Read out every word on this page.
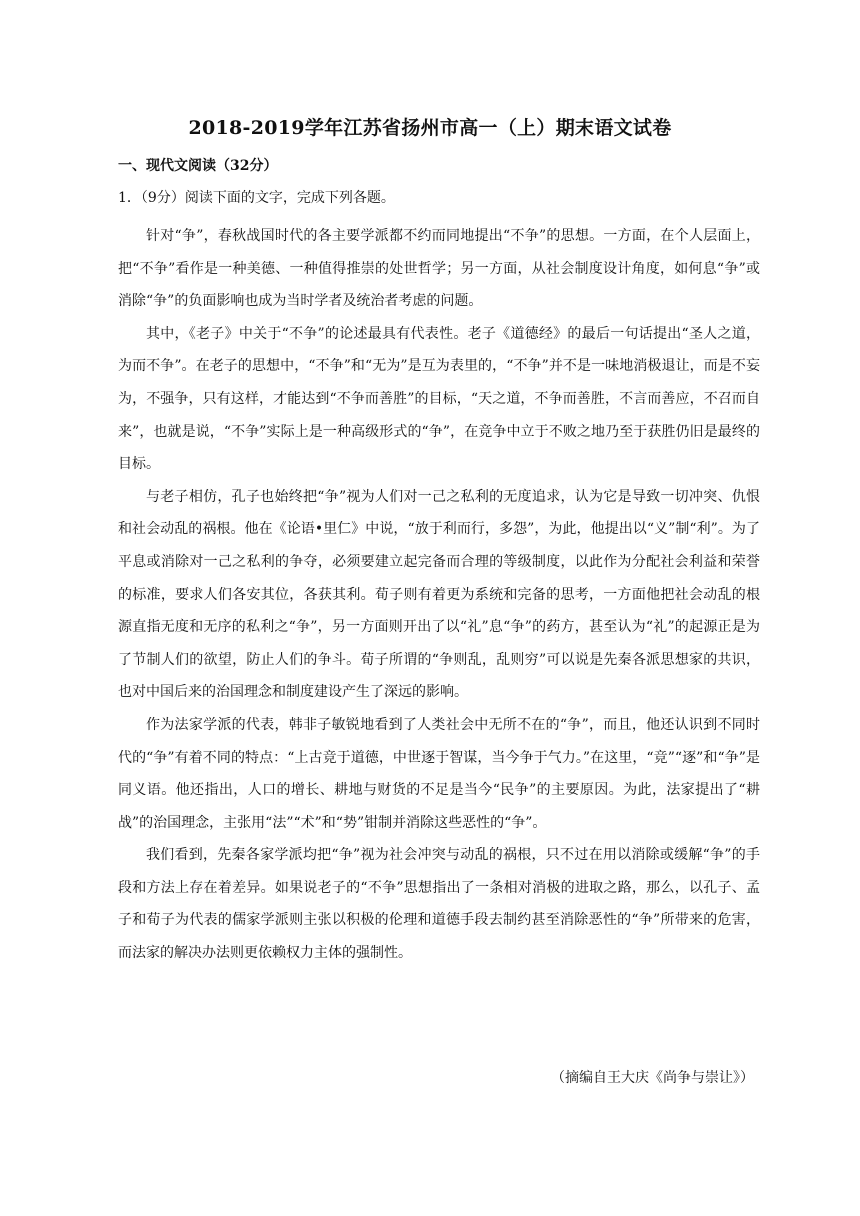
2018-2019学年江苏省扬州市高一（上）期末语文试卷
一、现代文阅读（32分）
1．（9分）阅读下面的文字，完成下列各题。

针对“争”，春秋战国时代的各主要学派都不约而同地提出“不争”的思想。一方面，在个人层面上，把“不争”看作是一种美德、一种值得推崇的处世哲学；另一方面，从社会制度设计角度，如何息“争”或消除“争”的负面影响也成为当时学者及统治者考虑的问题。

其中，《老子》中关于“不争”的论述最具有代表性。老子《道德经》的最后一句话提出“圣人之道，为而不争”。在老子的思想中，“不争”和“无为”是互为表里的，“不争”并不是一味地消极退让，而是不妄为，不强争，只有这样，才能达到“不争而善胜”的目标，“天之道，不争而善胜，不言而善应，不召而自来”，也就是说，“不争”实际上是一种高级形式的“争”，在竞争中立于不败之地乃至于获胜仍旧是最终的目标。

与老子相仿，孔子也始终把“争”视为人们对一己之私利的无度追求，认为它是导致一切冲突、仇恨和社会动乱的祸根。他在《论语•里仁》中说，“放于利而行，多怨”，为此，他提出以“义”制“利”。为了平息或消除对一己之私利的争夺，必须要建立起完备而合理的等级制度，以此作为分配社会利益和荣誉的标准，要求人们各安其位，各获其利。荀子则有着更为系统和完备的思考，一方面他把社会动乱的根源直指无度和无序的私利之“争”，另一方面则开出了以“礼”息“争”的药方，甚至认为“礼”的起源正是为了节制人们的欲望，防止人们的争斗。荀子所谓的“争则乱，乱则穷”可以说是先秦各派思想家的共识，也对中国后来的治国理念和制度建设产生了深远的影响。

作为法家学派的代表，韩非子敏锐地看到了人类社会中无所不在的“争”，而且，他还认识到不同时代的“争”有着不同的特点：“上古竞于道德，中世逐于智谋，当今争于气力。”在这里，“竞”“逐”和“争”是同义语。他还指出，人口的增长、耕地与财货的不足是当今“民争”的主要原因。为此，法家提出了“耕战”的治国理念，主张用“法”“术”和“势”钳制并消除这些恶性的“争”。

我们看到，先秦各家学派均把“争”视为社会冲突与动乱的祸根，只不过在用以消除或缓解“争”的手段和方法上存在着差异。如果说老子的“不争”思想指出了一条相对消极的进取之路，那么，以孔子、孟子和荀子为代表的儒家学派则主张以积极的伦理和道德手段去制约甚至消除恶性的“争”所带来的危害，而法家的解决办法则更依赖权力主体的强制性。

（摘编自王大庆《尚争与崇让》）
